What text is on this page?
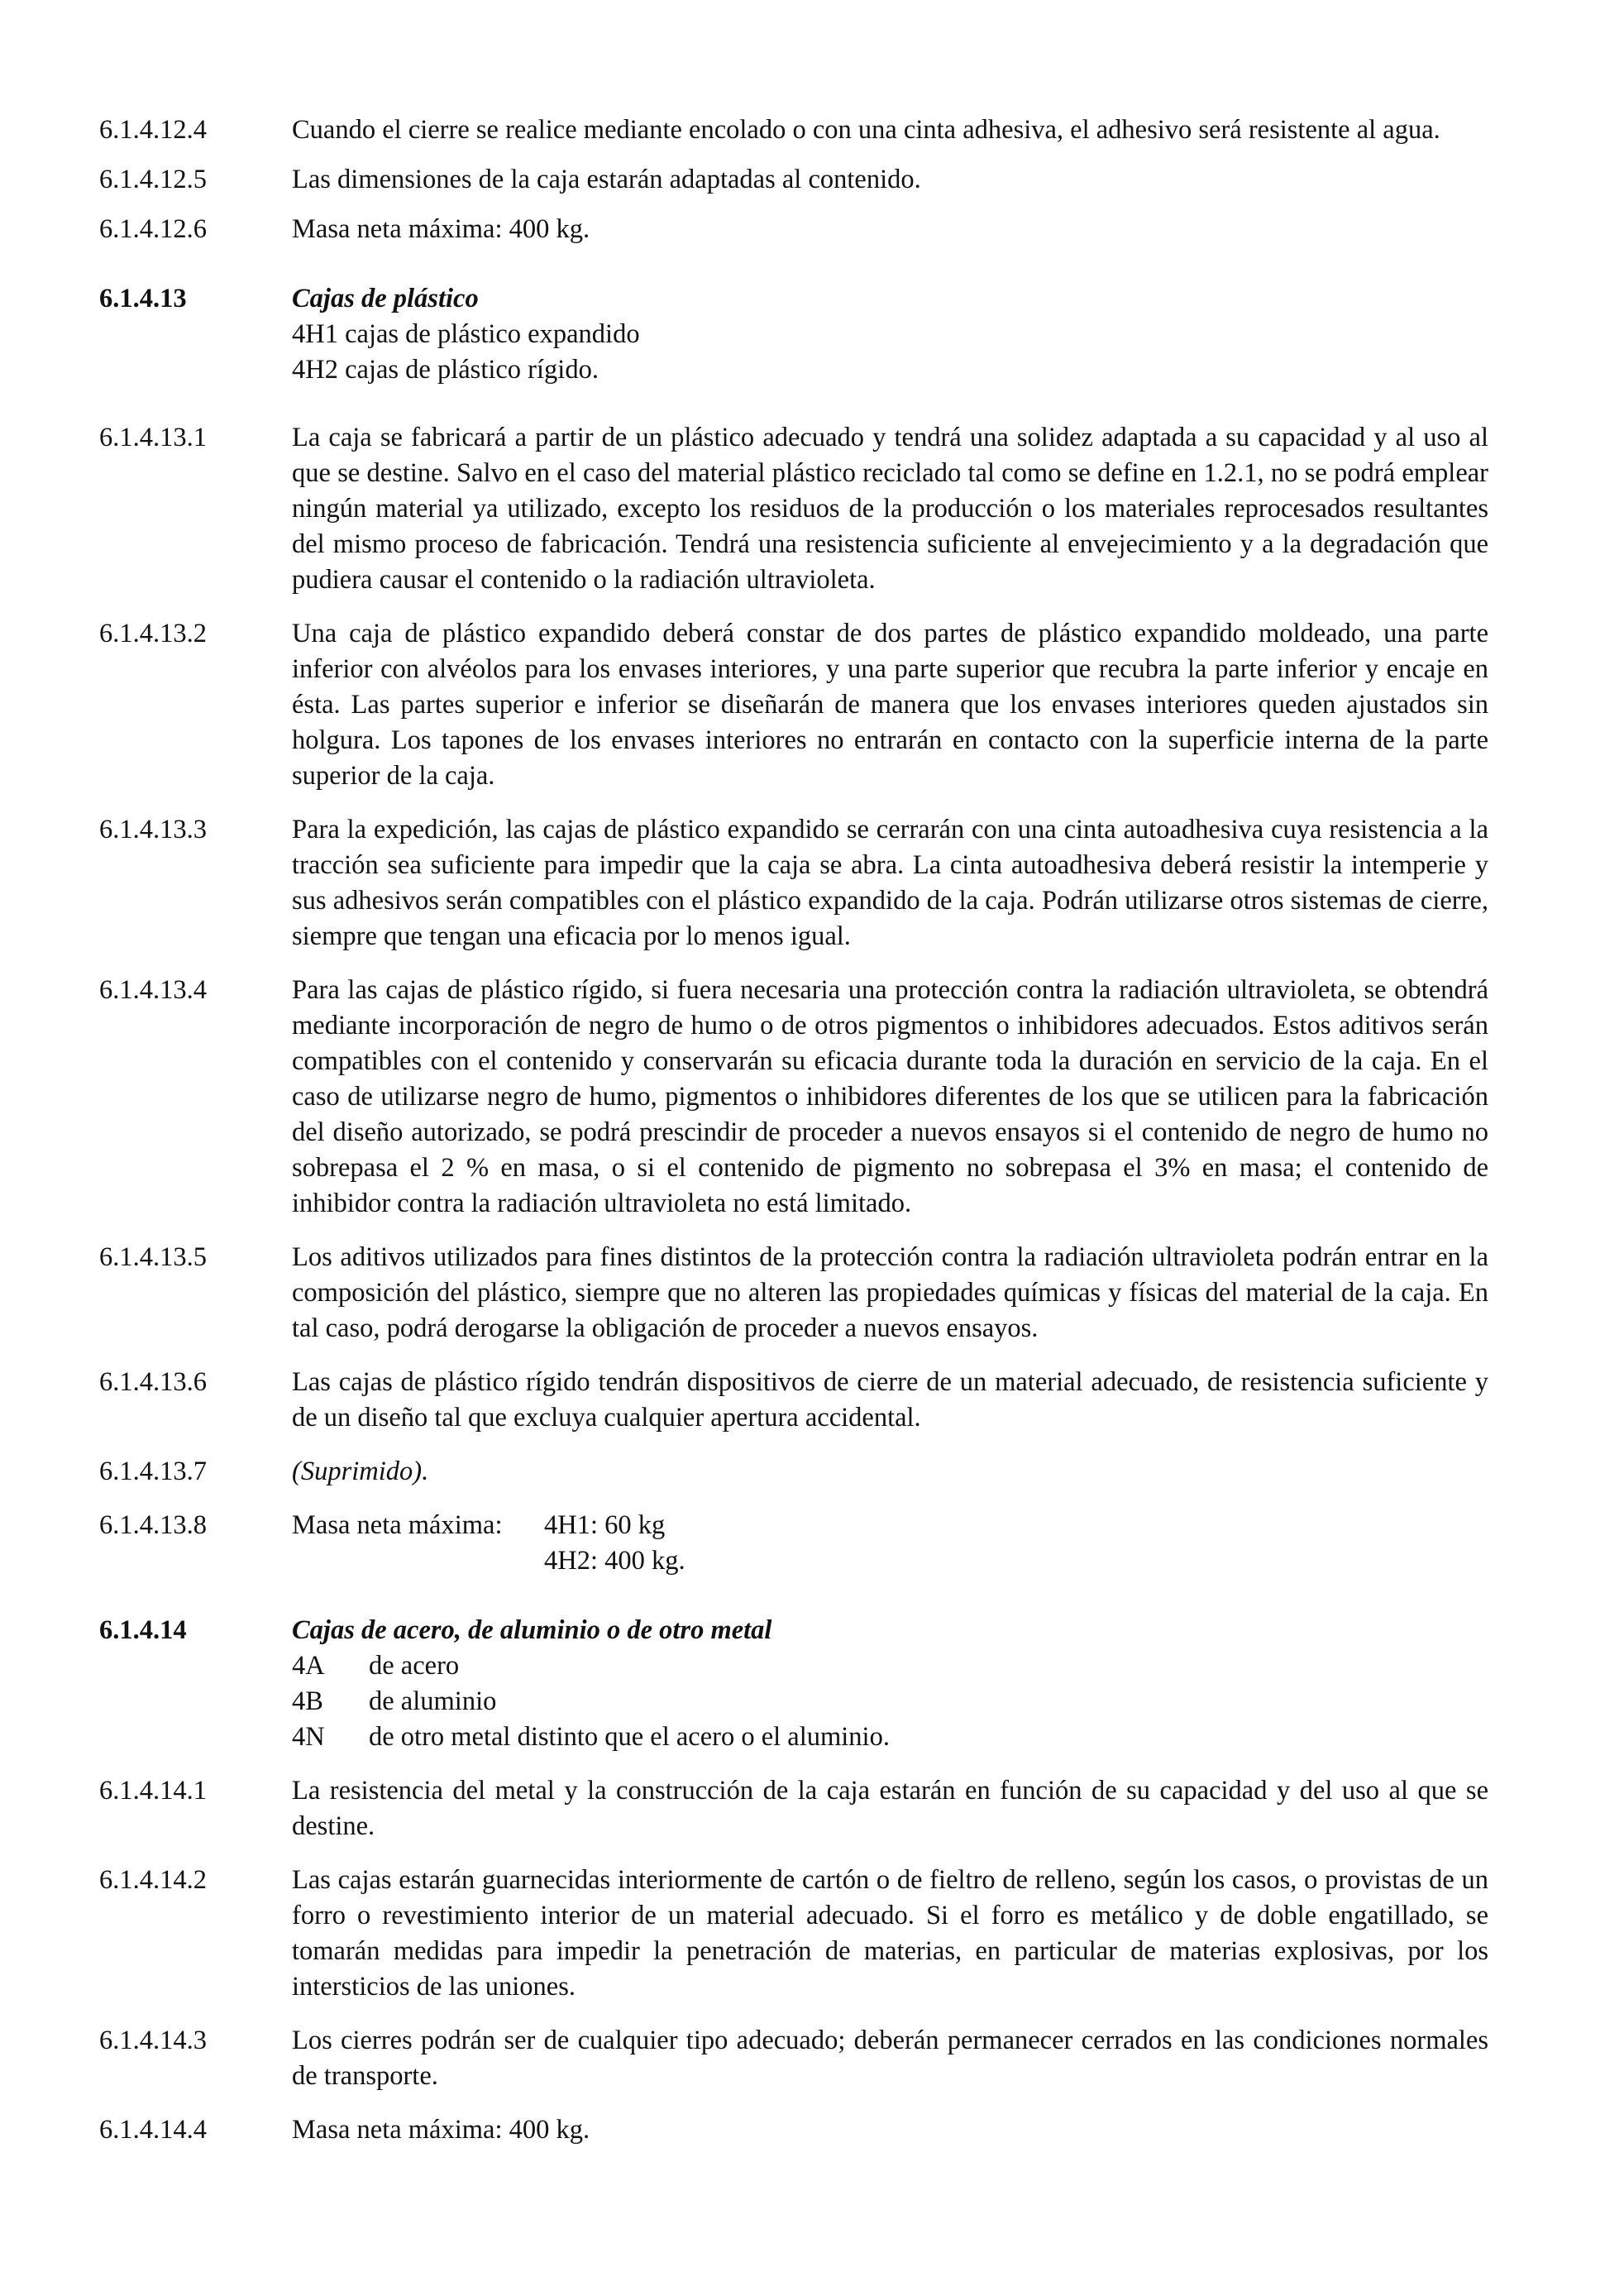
6.1.4.12.4	Cuando el cierre se realice mediante encolado o con una cinta adhesiva, el adhesivo será resistente al agua.
6.1.4.12.5	Las dimensiones de la caja estarán adaptadas al contenido.
6.1.4.12.6	Masa neta máxima: 400 kg.
6.1.4.13	Cajas de plástico
4H1 cajas de plástico expandido
4H2 cajas de plástico rígido.
6.1.4.13.1	La caja se fabricará a partir de un plástico adecuado y tendrá una solidez adaptada a su capacidad y al uso al que se destine. Salvo en el caso del material plástico reciclado tal como se define en 1.2.1, no se podrá emplear ningún material ya utilizado, excepto los residuos de la producción o los materiales reprocesados resultantes del mismo proceso de fabricación. Tendrá una resistencia suficiente al envejecimiento y a la degradación que pudiera causar el contenido o la radiación ultravioleta.
6.1.4.13.2	Una caja de plástico expandido deberá constar de dos partes de plástico expandido moldeado, una parte inferior con alvéolos para los envases interiores, y una parte superior que recubra la parte inferior y encaje en ésta. Las partes superior e inferior se diseñarán de manera que los envases interiores queden ajustados sin holgura. Los tapones de los envases interiores no entrarán en contacto con la superficie interna de la parte superior de la caja.
6.1.4.13.3	Para la expedición, las cajas de plástico expandido se cerrarán con una cinta autoadhesiva cuya resistencia a la tracción sea suficiente para impedir que la caja se abra. La cinta autoadhesiva deberá resistir la intemperie y sus adhesivos serán compatibles con el plástico expandido de la caja. Podrán utilizarse otros sistemas de cierre, siempre que tengan una eficacia por lo menos igual.
6.1.4.13.4	Para las cajas de plástico rígido, si fuera necesaria una protección contra la radiación ultravioleta, se obtendrá mediante incorporación de negro de humo o de otros pigmentos o inhibidores adecuados. Estos aditivos serán compatibles con el contenido y conservarán su eficacia durante toda la duración en servicio de la caja. En el caso de utilizarse negro de humo, pigmentos o inhibidores diferentes de los que se utilicen para la fabricación del diseño autorizado, se podrá prescindir de proceder a nuevos ensayos si el contenido de negro de humo no sobrepasa el 2 % en masa, o si el contenido de pigmento no sobrepasa el 3% en masa; el contenido de inhibidor contra la radiación ultravioleta no está limitado.
6.1.4.13.5	Los aditivos utilizados para fines distintos de la protección contra la radiación ultravioleta podrán entrar en la composición del plástico, siempre que no alteren las propiedades químicas y físicas del material de la caja. En tal caso, podrá derogarse la obligación de proceder a nuevos ensayos.
6.1.4.13.6	Las cajas de plástico rígido tendrán dispositivos de cierre de un material adecuado, de resistencia suficiente y de un diseño tal que excluya cualquier apertura accidental.
6.1.4.13.7	(Suprimido).
6.1.4.13.8	Masa neta máxima:	4H1: 60 kg
4H2: 400 kg.
6.1.4.14	Cajas de acero, de aluminio o de otro metal
4A	de acero
4B	de aluminio
4N	de otro metal distinto que el acero o el aluminio.
6.1.4.14.1	La resistencia del metal y la construcción de la caja estarán en función de su capacidad y del uso al que se destine.
6.1.4.14.2	Las cajas estarán guarnecidas interiormente de cartón o de fieltro de relleno, según los casos, o provistas de un forro o revestimiento interior de un material adecuado. Si el forro es metálico y de doble engatillado, se tomarán medidas para impedir la penetración de materias, en particular de materias explosivas, por los intersticios de las uniones.
6.1.4.14.3	Los cierres podrán ser de cualquier tipo adecuado; deberán permanecer cerrados en las condiciones normales de transporte.
6.1.4.14.4	Masa neta máxima: 400 kg.
